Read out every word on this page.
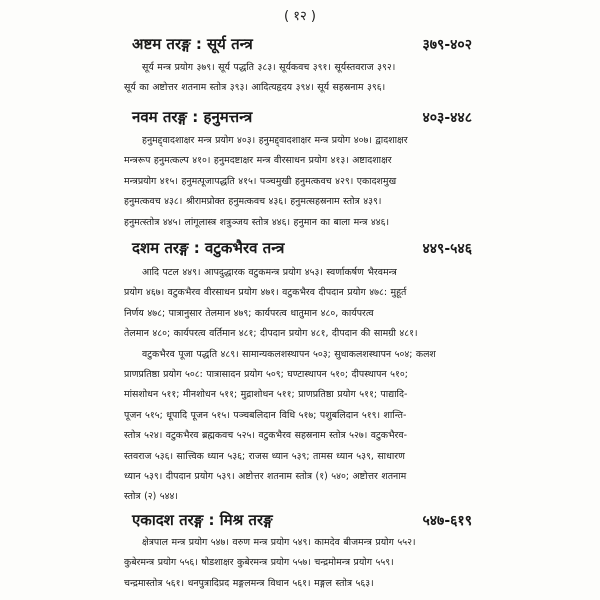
( १२ )
अष्टम तरङ्ग : सूर्य तन्त्र	३७९-४०२
सूर्य मन्त्र प्रयोग ३७९। सूर्य पद्धति ३८३। सूर्यकवच ३९१। सूर्यस्तवराज ३९२।
सूर्य का अष्टोत्तर शतनाम स्तोत्र ३९३। आदित्यहृदय ३९४। सूर्य सहस्रनाम ३९६।
नवम तरङ्ग : हनुमत्तन्त्र	४०३-४४८
हनुमद्द्वादशाक्षर मन्त्र प्रयोग ४०३। हनुमद्द्वादशाक्षर मन्त्र प्रयोग ४०७। द्वादशाक्षर
मन्त्ररूप हनुमत्कल्प ४१०। हनुमदष्टाक्षर मन्त्र वीरसाधन प्रयोग ४१३। अष्टादशाक्षर
मन्त्रप्रयोग ४१५। हनुमत्पूजापद्धति ४१५। पञ्चमुखी हनुमत्कवच ४२९। एकादशमुख
हनुमत्कवच ४३८। श्रीरामप्रोक्त हनुमत्कवच ४३६। हनुमत्सहस्रनाम स्तोत्र ४३९।
हनुमत्स्तोत्र ४४५। लांगूलास्त्र शत्रुञ्जय स्तोत्र ४४६। हनुमान का बाला मन्त्र ४४६।
दशम तरङ्ग : वटुकभैरव तन्त्र	४४९-५४६
आदि पटल ४४९। आपदुद्धारक वटुकमन्त्र प्रयोग ४५३। स्वर्णाकर्षण भैरवमन्त्र
प्रयोग ४६७। वटुकभैरव वीरसाधन प्रयोग ४७१। वटुकभैरव दीपदान प्रयोग ४७८: मुहूर्त
निर्णय ४७८; पात्रानुसार तेलमान ४७९; कार्यपरत्व धातुमान ४८०, कार्यपरत्व
तेलमान ४८०; कार्यपरत्व वर्तिमान ४८१; दीपदान प्रयोग ४८१, दीपदान की सामग्री ४८१।
वटुकभैरव पूजा पद्धति ४८९। सामान्यकलशस्थापन ५०३; सुधाकलशस्थापन ५०४; कलश
प्राणप्रतिष्ठा प्रयोग ५०८: पात्रासादन प्रयोग ५०९; घण्टास्थापन ५१०; दीपस्थापन ५१०;
मांसशोधन ५११; मीनशोधन ५११; मुद्राशोधन ५११; प्राणप्रतिष्ठा प्रयोग ५११; पाद्यादि-
पूजन ५१५; धूपादि पूजन ५१५। पञ्चबलिदान विधि ५१७; पशुबलिदान ५१९। शान्ति-
स्तोत्र ५२४। वटुकभैरव ब्रह्मकवच ५२५। वटुकभैरव सहस्रनाम स्तोत्र ५२७। वटुकभैरव-
स्तवराज ५३६। सात्त्विक ध्यान ५३६; राजस ध्यान ५३९; तामस ध्यान ५३९, साधारण
ध्यान ५३९। दीपदान प्रयोग ५३९। अष्टोत्तर शतनाम स्तोत्र (१) ५४०; अष्टोत्तर शतनाम
स्तोत्र (२) ५४४।
एकादश तरङ्ग : मिश्र तरङ्ग	५४७-६१९
क्षेत्रपाल मन्त्र प्रयोग ५४७। वरुण मन्त्र प्रयोग ५४९। कामदेव बीजमन्त्र प्रयोग ५५२।
कुबेरमन्त्र प्रयोग ५५६। षोडशाक्षर कुबेरमन्त्र प्रयोग ५५७। चन्द्रमोमन्त्र प्रयोग ५५९।
चन्द्रमास्तोत्र ५६१। धनपुत्रादिप्रद मङ्गलमन्त्र विधान ५६१। मङ्गल स्तोत्र ५६३।
